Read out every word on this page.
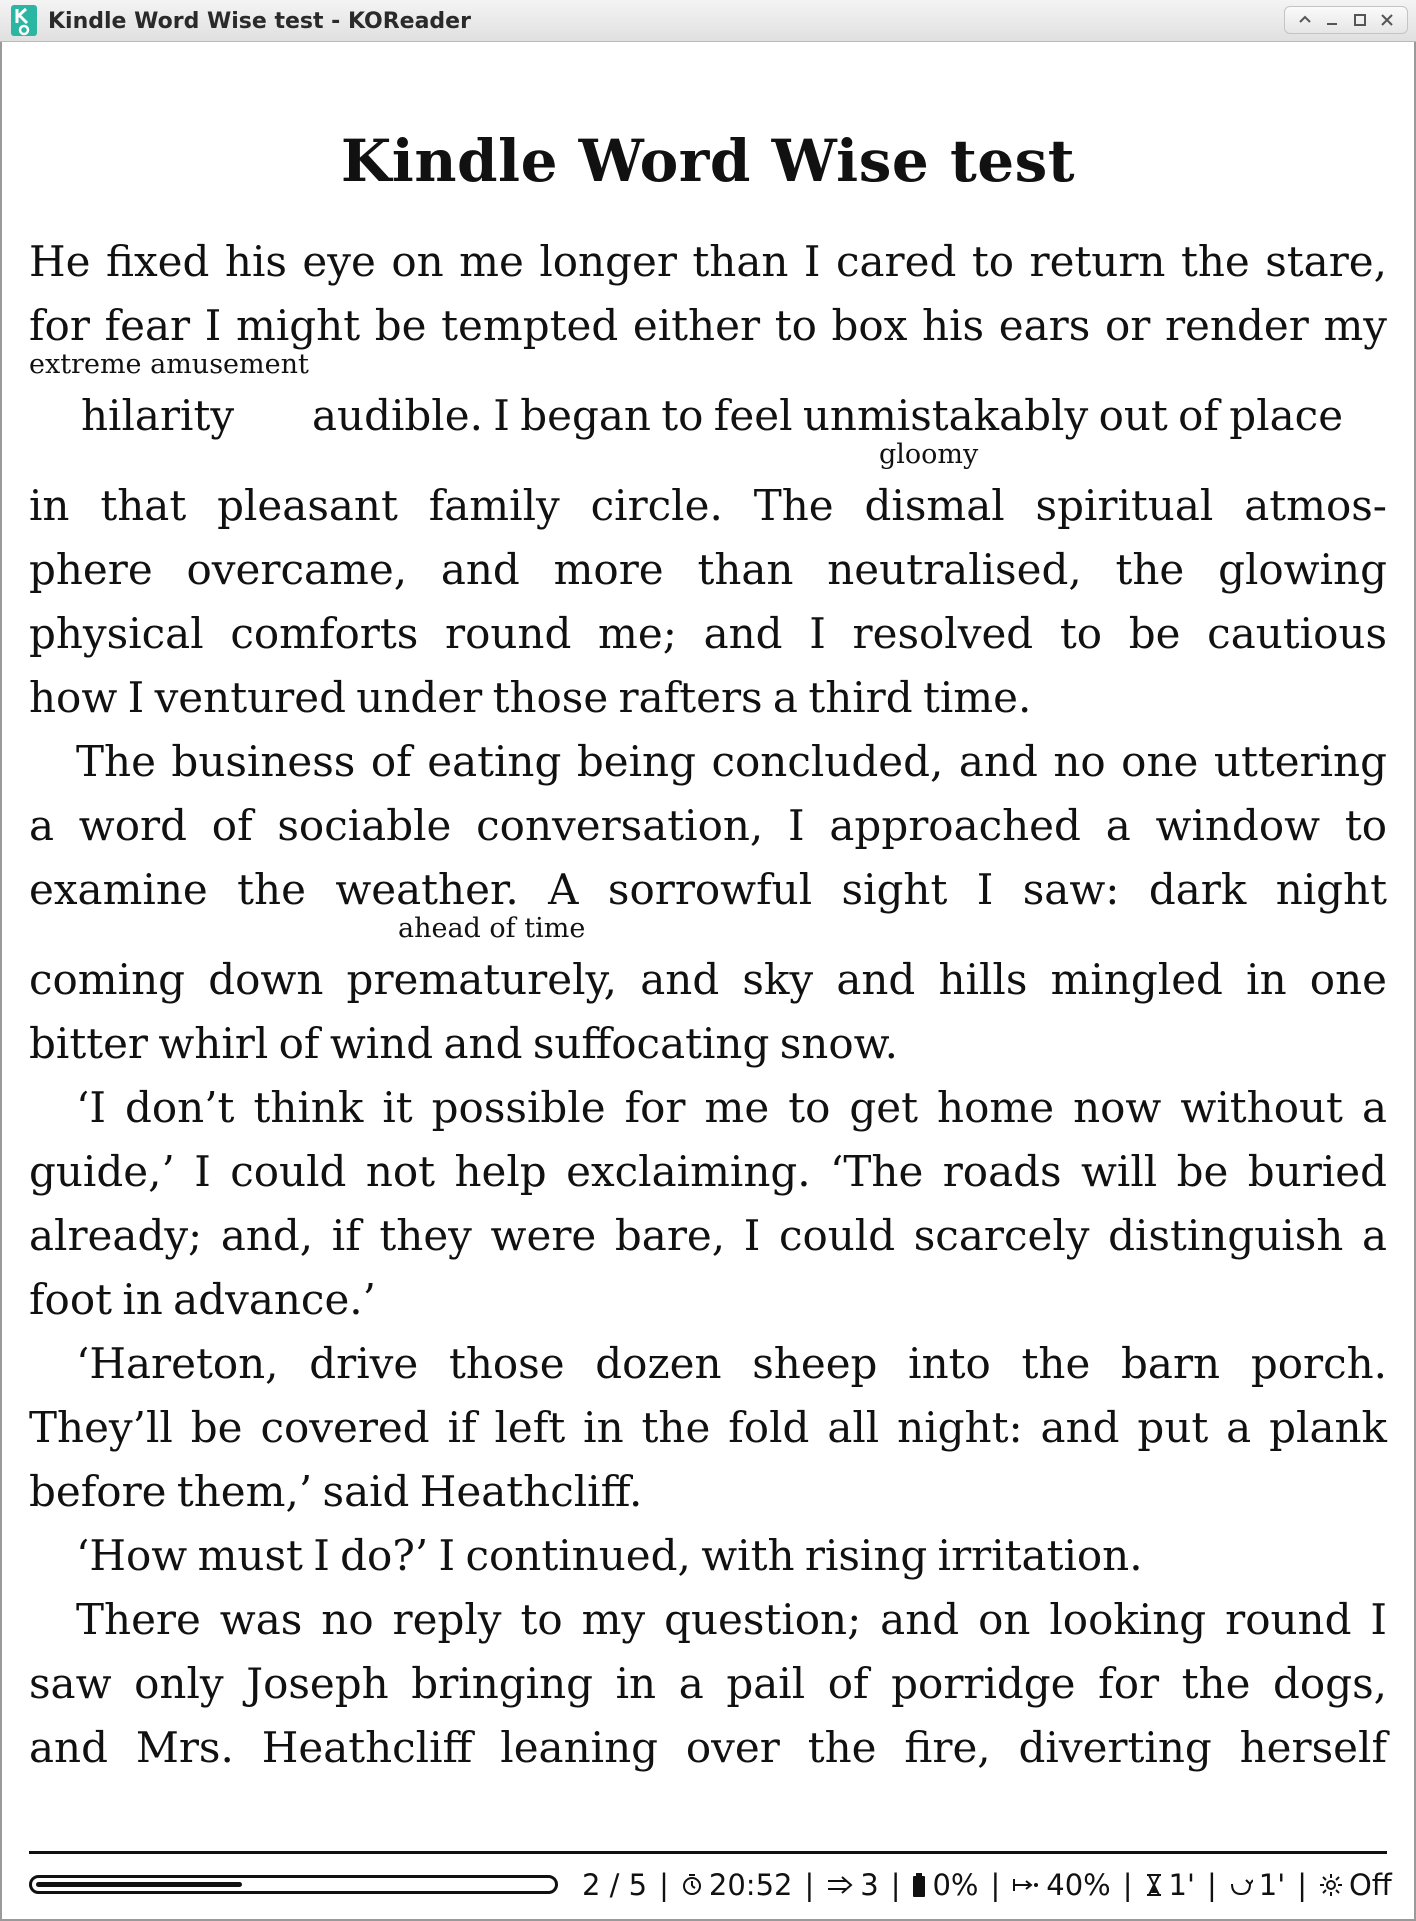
Kindle Word Wise test - KOReader
Kindle Word Wise test
He fixed his eye on me longer than I cared to return the stare,
for fear I might be tempted either to box his ears or render my
extreme amusement
hilarity audible. I began to feel unmistakably out of place
gloomy
in that pleasant family circle. The dismal spiritual atmos-
phere overcame, and more than neutralised, the glowing
physical comforts round me; and I resolved to be cautious
how I ventured under those rafters a third time.
The business of eating being concluded, and no one uttering
a word of sociable conversation, I approached a window to
examine the weather. A sorrowful sight I saw: dark night
ahead of time
coming down prematurely, and sky and hills mingled in one
bitter whirl of wind and suffocating snow.
‘I don’t think it possible for me to get home now without a
guide,’ I could not help exclaiming. ‘The roads will be buried
already; and, if they were bare, I could scarcely distinguish a
foot in advance.’
‘Hareton, drive those dozen sheep into the barn porch.
They’ll be covered if left in the fold all night: and put a plank
before them,’ said Heathcliff.
‘How must I do?’ I continued, with rising irritation.
There was no reply to my question; and on looking round I
saw only Joseph bringing in a pail of porridge for the dogs,
and Mrs. Heathcliff leaning over the fire, diverting herself
2 / 5 | 20:52 | 3 | 0% | 40% | 1' | 1' | Off
